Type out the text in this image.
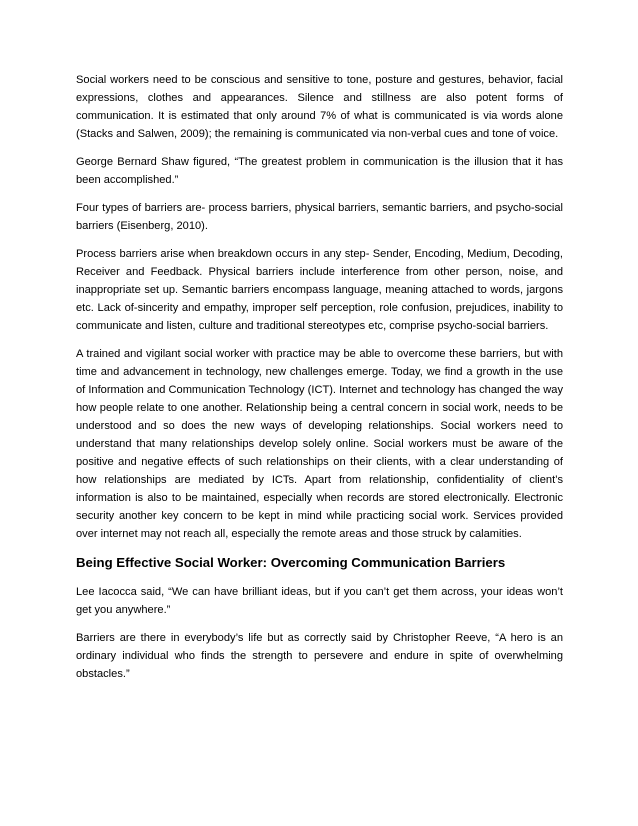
Social workers need to be conscious and sensitive to tone, posture and gestures, behavior, facial expressions, clothes and appearances. Silence and stillness are also potent forms of communication. It is estimated that only around 7% of what is communicated is via words alone (Stacks and Salwen, 2009); the remaining is communicated via non-verbal cues and tone of voice.

George Bernard Shaw figured, “The greatest problem in communication is the illusion that it has been accomplished.”

Four types of barriers are- process barriers, physical barriers, semantic barriers, and psycho-social barriers (Eisenberg, 2010).

Process barriers arise when breakdown occurs in any step- Sender, Encoding, Medium, Decoding, Receiver and Feedback. Physical barriers include interference from other person, noise, and inappropriate set up. Semantic barriers encompass language, meaning attached to words, jargons etc. Lack of-sincerity and empathy, improper self perception, role confusion, prejudices, inability to communicate and listen, culture and traditional stereotypes etc, comprise psycho-social barriers.

A trained and vigilant social worker with practice may be able to overcome these barriers, but with time and advancement in technology, new challenges emerge. Today, we find a growth in the use of Information and Communication Technology (ICT). Internet and technology has changed the way how people relate to one another. Relationship being a central concern in social work, needs to be understood and so does the new ways of developing relationships. Social workers need to understand that many relationships develop solely online. Social workers must be aware of the positive and negative effects of such relationships on their clients, with a clear understanding of how relationships are mediated by ICTs. Apart from relationship, confidentiality of client’s information is also to be maintained, especially when records are stored electronically. Electronic security another key concern to be kept in mind while practicing social work. Services provided over internet may not reach all, especially the remote areas and those struck by calamities.

Being Effective Social Worker: Overcoming Communication Barriers

Lee Iacocca said, “We can have brilliant ideas, but if you can’t get them across, your ideas won’t get you anywhere.”

Barriers are there in everybody’s life but as correctly said by Christopher Reeve, “A hero is an ordinary individual who finds the strength to persevere and endure in spite of overwhelming obstacles.”
